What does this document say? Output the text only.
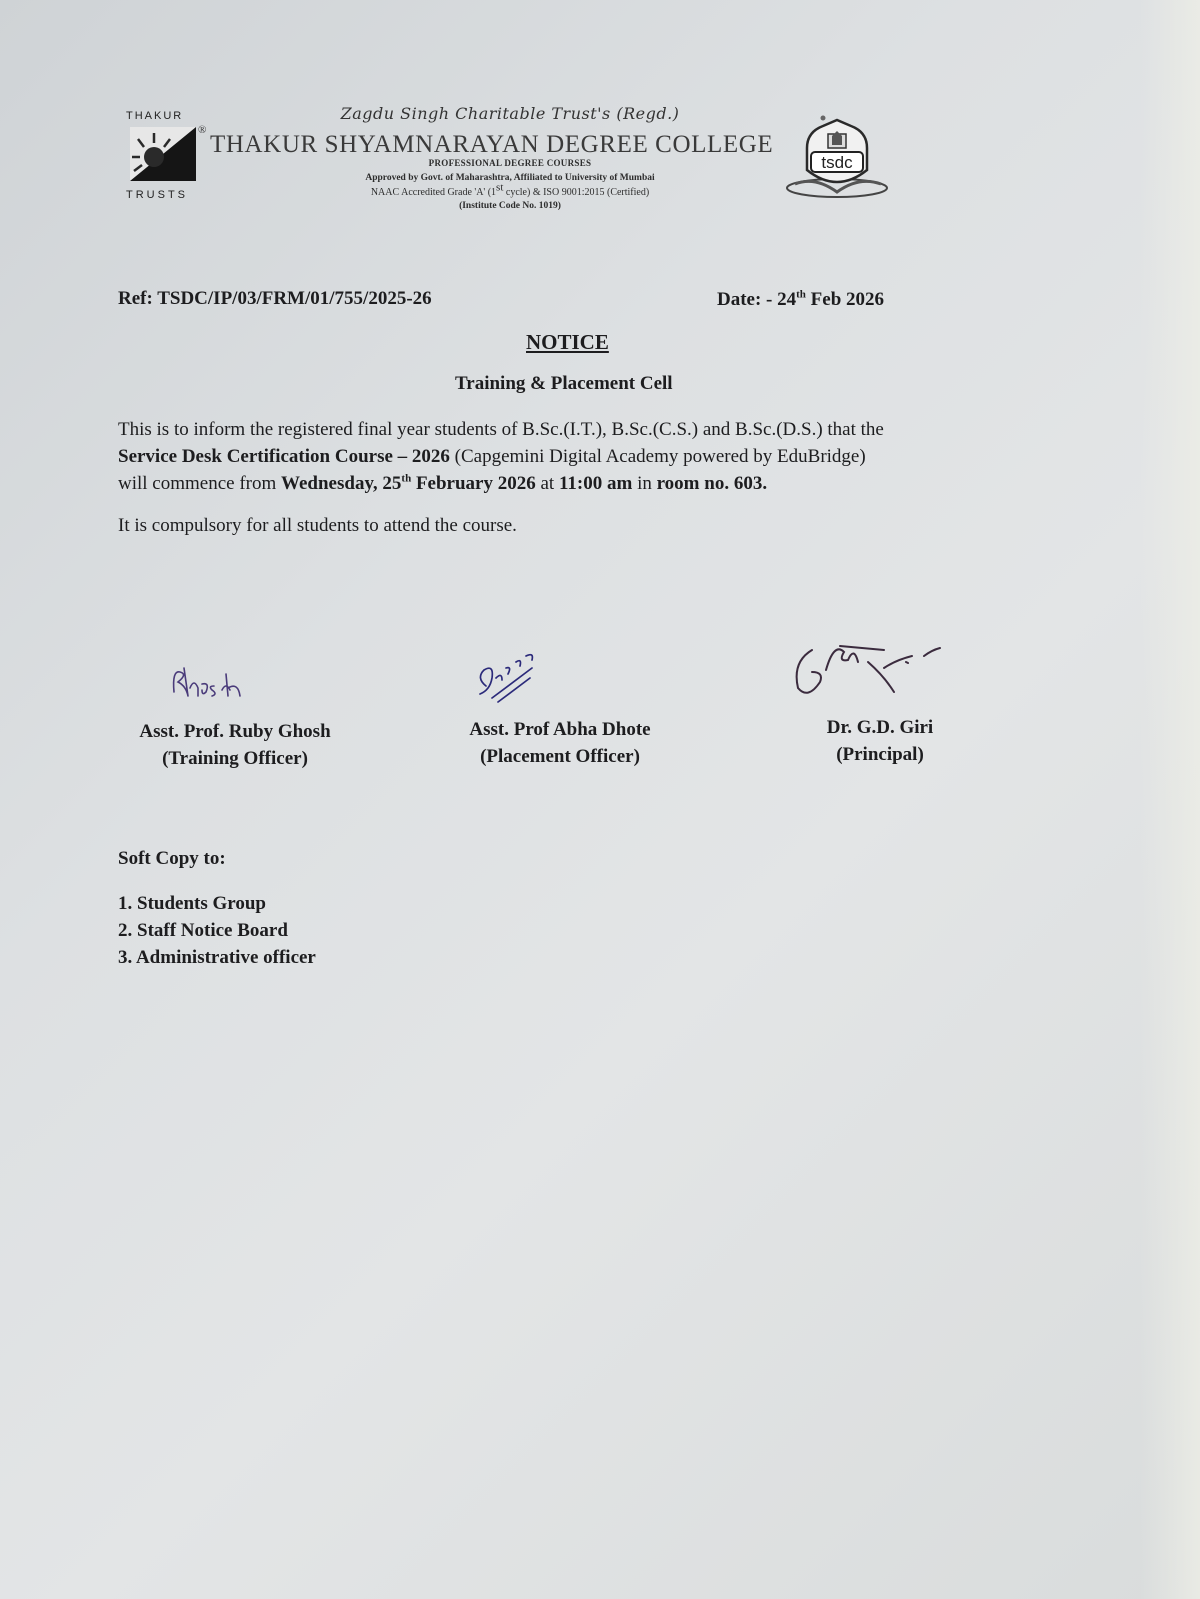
THAKUR
®
TRUSTS
Zagdu Singh Charitable Trust's (Regd.)
THAKUR SHYAMNARAYAN DEGREE COLLEGE
PROFESSIONAL DEGREE COURSES
Approved by Govt. of Maharashtra, Affiliated to University of Mumbai
NAAC Accredited Grade 'A' (1st cycle) & ISO 9001:2015 (Certified)
(Institute Code No. 1019)
tsdc
Ref: TSDC/IP/03/FRM/01/755/2025-26	Date: - 24th Feb 2026
NOTICE
Training & Placement Cell

This is to inform the registered final year students of B.Sc.(I.T.), B.Sc.(C.S.) and B.Sc.(D.S.) that the

Service Desk Certification Course – 2026 (Capgemini Digital Academy powered by EduBridge)

will commence from Wednesday, 25th February 2026 at 11:00 am in room no. 603.

It is compulsory for all students to attend the course.
Asst. Prof. Ruby Ghosh
(Training Officer)
Asst. Prof Abha Dhote
(Placement Officer)
Dr. G.D. Giri
(Principal)
Soft Copy to:
1. Students Group
2. Staff Notice Board
3. Administrative officer
